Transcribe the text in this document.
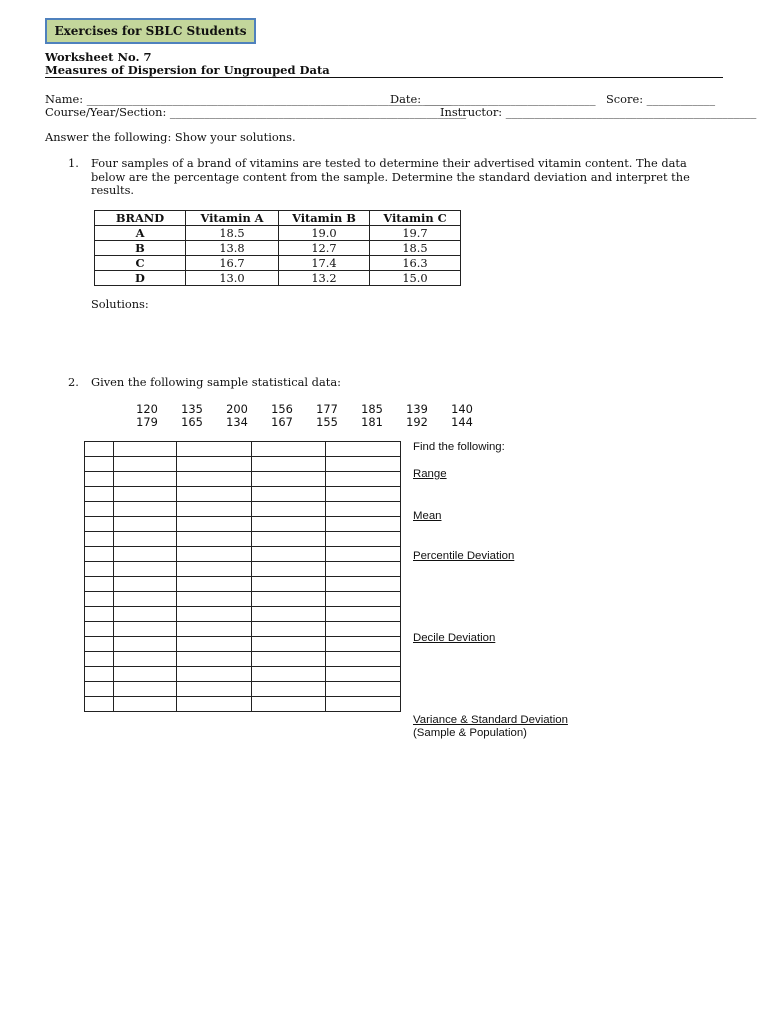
Exercises for SBLC Students
Worksheet No. 7
Measures of Dispersion for Ungrouped Data
Name: ________________________________________________________________
Date: ______________________________ Score: ____________
Course/Year/Section: ____________________________________________________
Instructor: ____________________________________________
Answer the following: Show your solutions.
1. Four samples of a brand of vitamins are tested to determine their advertised vitamin content. The data
below are the percentage content from the sample. Determine the standard deviation and interpret the
results.
BRAND	Vitamin A	Vitamin B	Vitamin C
A	18.5	19.0	19.7
B	13.8	12.7	18.5
C	16.7	17.4	16.3
D	13.0	13.2	15.0
Solutions:
2. Given the following sample statistical data:
120	135	200	156	177	185	139	140
179	165	134	167	155	181	192	144

Find the following:
Range
Mean
Percentile Deviation
Decile Deviation
Variance & Standard Deviation
(Sample & Population)
